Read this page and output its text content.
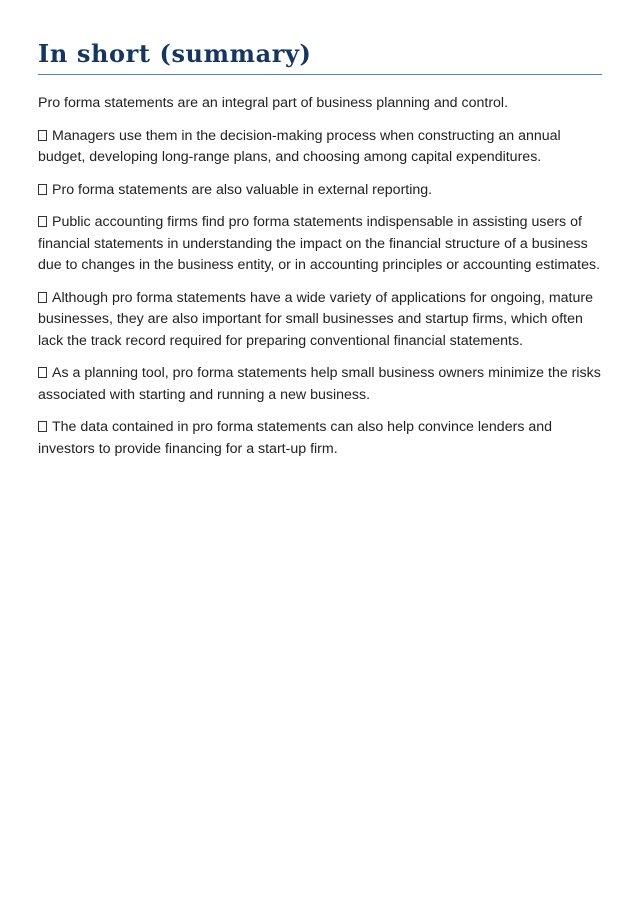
In short (summary)

Pro forma statements are an integral part of business planning and control.

Managers use them in the decision-making process when constructing an annual budget, developing long-range plans, and choosing among capital expenditures.

Pro forma statements are also valuable in external reporting.

Public accounting firms find pro forma statements indispensable in assisting users of financial statements in understanding the impact on the financial structure of a business due to changes in the business entity, or in accounting principles or accounting estimates.

Although pro forma statements have a wide variety of applications for ongoing, mature businesses, they are also important for small businesses and startup firms, which often lack the track record required for preparing conventional financial statements.

As a planning tool, pro forma statements help small business owners minimize the risks associated with starting and running a new business.

The data contained in pro forma statements can also help convince lenders and investors to provide financing for a start-up firm.
